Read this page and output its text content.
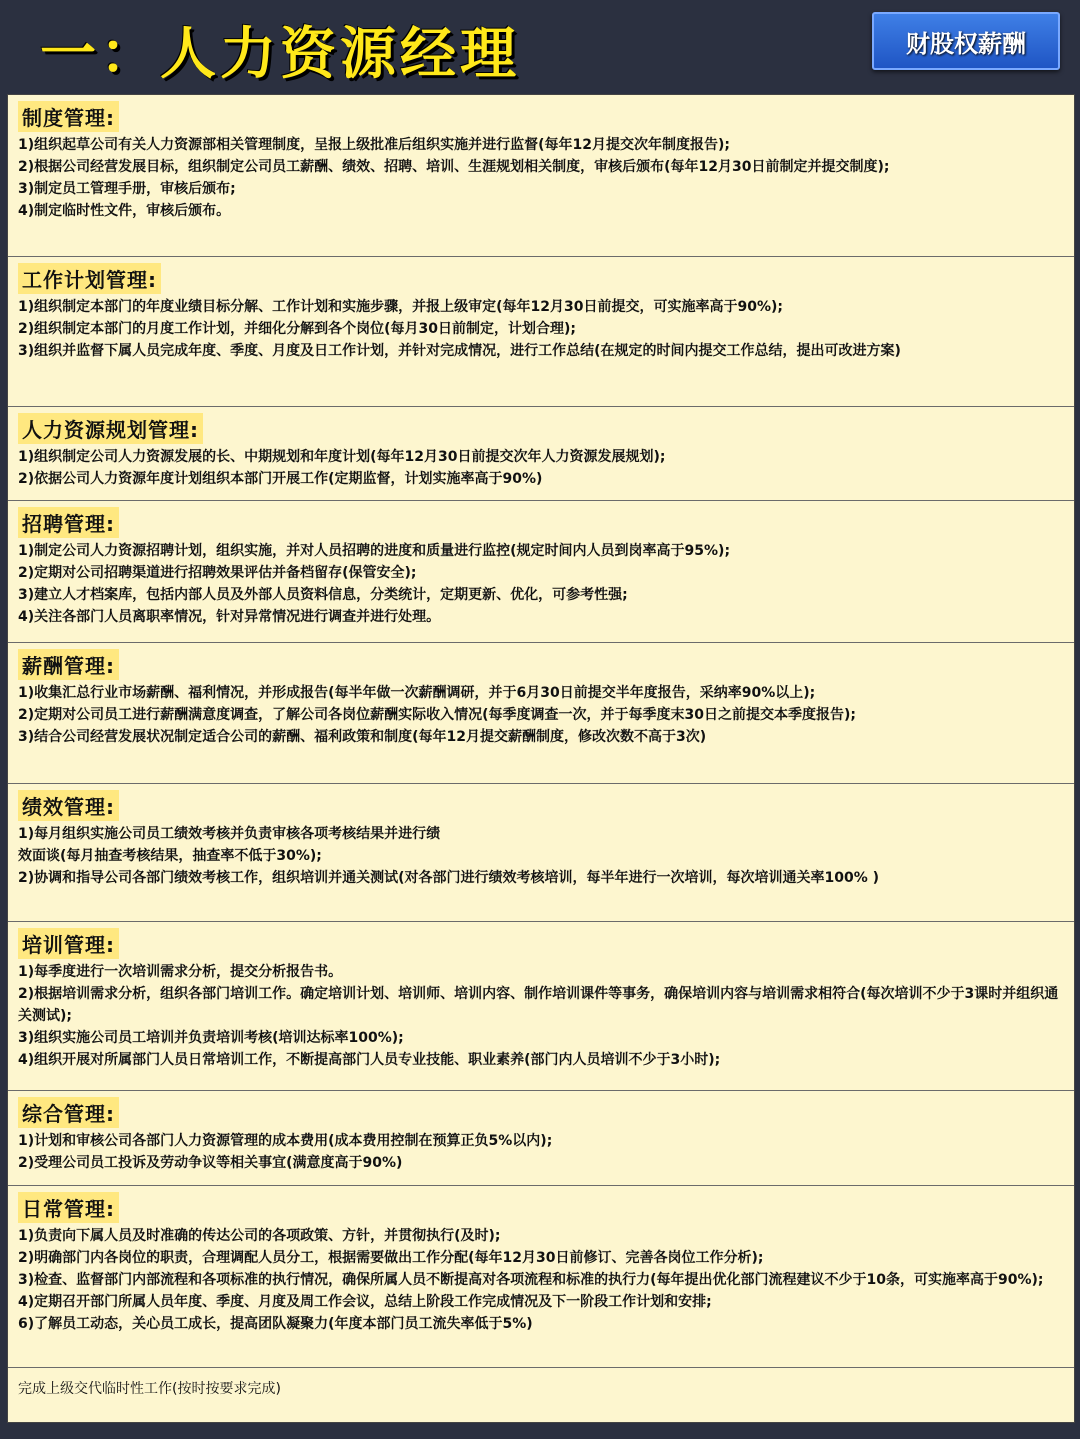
一：人力资源经理	财股权薪酬
制度管理:
1)组织起草公司有关人力资源部相关管理制度，呈报上级批准后组织实施并进行监督(每年12月提交次年制度报告);
2)根据公司经营发展目标，组织制定公司员工薪酬、绩效、招聘、培训、生涯规划相关制度，审核后颁布(每年12月30日前制定并提交制度);
3)制定员工管理手册，审核后颁布;
4)制定临时性文件，审核后颁布。
工作计划管理:
1)组织制定本部门的年度业绩目标分解、工作计划和实施步骤，并报上级审定(每年12月30日前提交，可实施率高于90%);
2)组织制定本部门的月度工作计划，并细化分解到各个岗位(每月30日前制定，计划合理);
3)组织并监督下属人员完成年度、季度、月度及日工作计划，并针对完成情况，进行工作总结(在规定的时间内提交工作总结，提出可改进方案)
人力资源规划管理:
1)组织制定公司人力资源发展的长、中期规划和年度计划(每年12月30日前提交次年人力资源发展规划);
2)依据公司人力资源年度计划组织本部门开展工作(定期监督，计划实施率高于90%)
招聘管理:
1)制定公司人力资源招聘计划，组织实施，并对人员招聘的进度和质量进行监控(规定时间内人员到岗率高于95%);
2)定期对公司招聘渠道进行招聘效果评估并备档留存(保管安全);
3)建立人才档案库，包括内部人员及外部人员资料信息，分类统计，定期更新、优化，可参考性强;
4)关注各部门人员离职率情况，针对异常情况进行调查并进行处理。
薪酬管理:
1)收集汇总行业市场薪酬、福利情况，并形成报告(每半年做一次薪酬调研，并于6月30日前提交半年度报告，采纳率90%以上);
2)定期对公司员工进行薪酬满意度调查，了解公司各岗位薪酬实际收入情况(每季度调查一次，并于每季度末30日之前提交本季度报告);
3)结合公司经营发展状况制定适合公司的薪酬、福利政策和制度(每年12月提交薪酬制度，修改次数不高于3次)
绩效管理:
1)每月组织实施公司员工绩效考核并负责审核各项考核结果并进行绩
效面谈(每月抽查考核结果，抽查率不低于30%);
2)协调和指导公司各部门绩效考核工作，组织培训并通关测试(对各部门进行绩效考核培训，每半年进行一次培训，每次培训通关率100% )
培训管理:
1)每季度进行一次培训需求分析，提交分析报告书。
2)根据培训需求分析，组织各部门培训工作。确定培训计划、培训师、培训内容、制作培训课件等事务，确保培训内容与培训需求相符合(每次培训不少于3课时并组织通关测试);
3)组织实施公司员工培训并负责培训考核(培训达标率100%);
4)组织开展对所属部门人员日常培训工作，不断提高部门人员专业技能、职业素养(部门内人员培训不少于3小时);
综合管理:
1)计划和审核公司各部门人力资源管理的成本费用(成本费用控制在预算正负5%以内);
2)受理公司员工投诉及劳动争议等相关事宜(满意度高于90%)
日常管理:
1)负责向下属人员及时准确的传达公司的各项政策、方针，并贯彻执行(及时);
2)明确部门内各岗位的职责，合理调配人员分工，根据需要做出工作分配(每年12月30日前修订、完善各岗位工作分析);
3)检查、监督部门内部流程和各项标准的执行情况，确保所属人员不断提高对各项流程和标准的执行力(每年提出优化部门流程建议不少于10条，可实施率高于90%);
4)定期召开部门所属人员年度、季度、月度及周工作会议，总结上阶段工作完成情况及下一阶段工作计划和安排;
6)了解员工动态，关心员工成长，提高团队凝聚力(年度本部门员工流失率低于5%)
完成上级交代临时性工作(按时按要求完成)
